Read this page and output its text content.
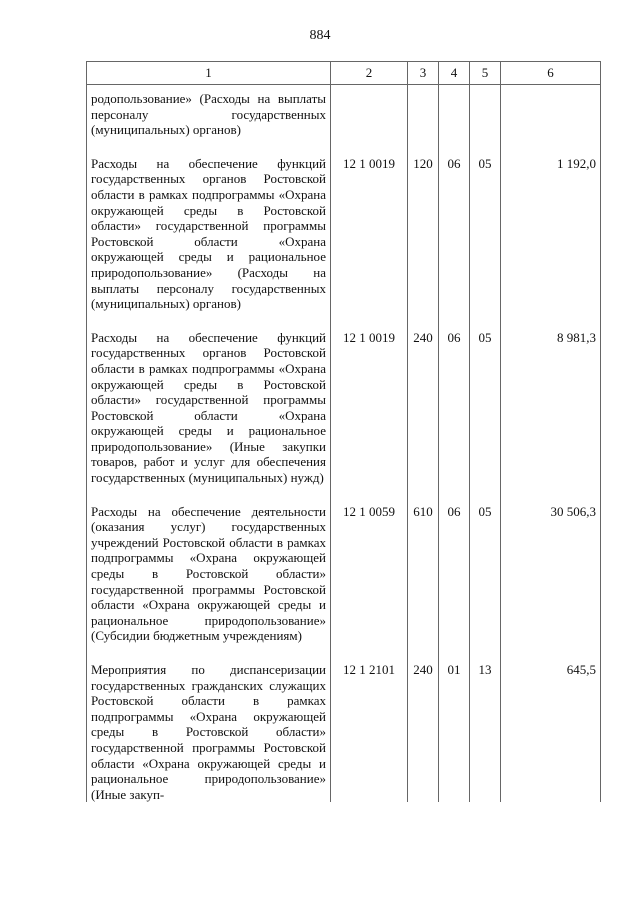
884
1	2	3	4	5	6
родопользование» (Расходы на выплаты персоналу государственных (муниципальных) органов)					

Расходы на обеспечение функций государственных органов Ростовской области в рамках подпрограммы «Охрана окружающей среды в Ростовской области» государственной программы Ростовской области «Охрана окружающей среды и рациональное природопользование» (Расходы на выплаты персоналу государственных (муниципальных) органов)	12 1 0019	120	06	05	1 192,0

Расходы на обеспечение функций государственных органов Ростовской области в рамках подпрограммы «Охрана окружающей среды в Ростовской области» государственной программы Ростовской области «Охрана окружающей среды и рациональное природопользование» (Иные закупки товаров, работ и услуг для обеспечения государственных (муниципальных) нужд)	12 1 0019	240	06	05	8 981,3

Расходы на обеспечение деятельности (оказания услуг) государственных учреждений Ростовской области в рамках подпрограммы «Охрана окружающей среды в Ростовской области» государственной программы Ростовской области «Охрана окружающей среды и рациональное природопользование» (Субсидии бюджетным учреждениям)	12 1 0059	610	06	05	30 506,3

Мероприятия по диспансеризации государственных гражданских служащих Ростовской области в рамках подпрограммы «Охрана окружающей среды в Ростовской области» государственной программы Ростовской области «Охрана окружающей среды и рациональное природопользование» (Иные закуп-	12 1 2101	240	01	13	645,5
